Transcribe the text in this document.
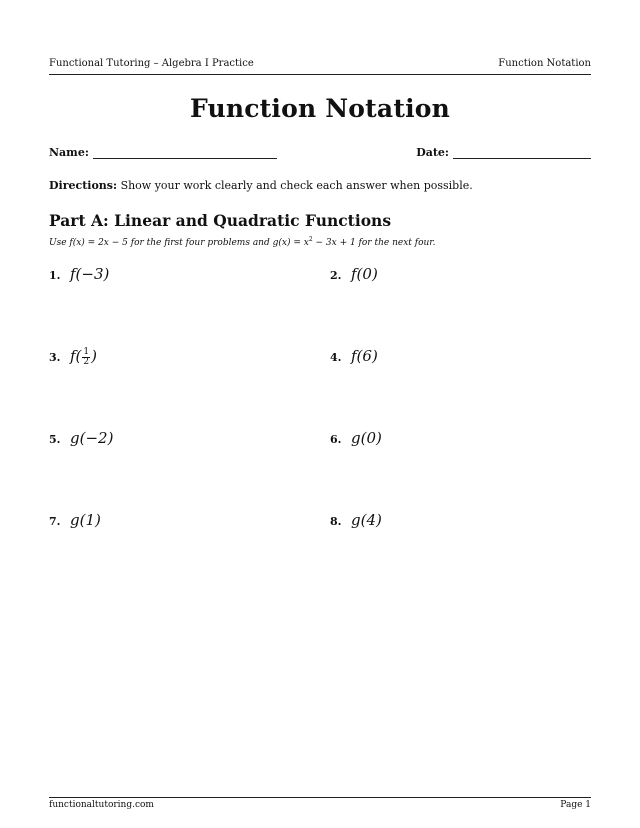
Functional Tutoring – Algebra I Practice	Function Notation
Function Notation
Name:	Date:
Directions: Show your work clearly and check each answer when possible.
Part A: Linear and Quadratic Functions
Use f(x) = 2x − 5 for the first four problems and $g(x) = x^2 - 3x + 1$ for the next four.
1. f(−3)	2. f(0)
3. $f( \frac{1}{2}$ )	4. f(6)
5. g(−2)	6. g(0)
7. g(1)	8. g(4)
functionaltutoring.com	Page 1
